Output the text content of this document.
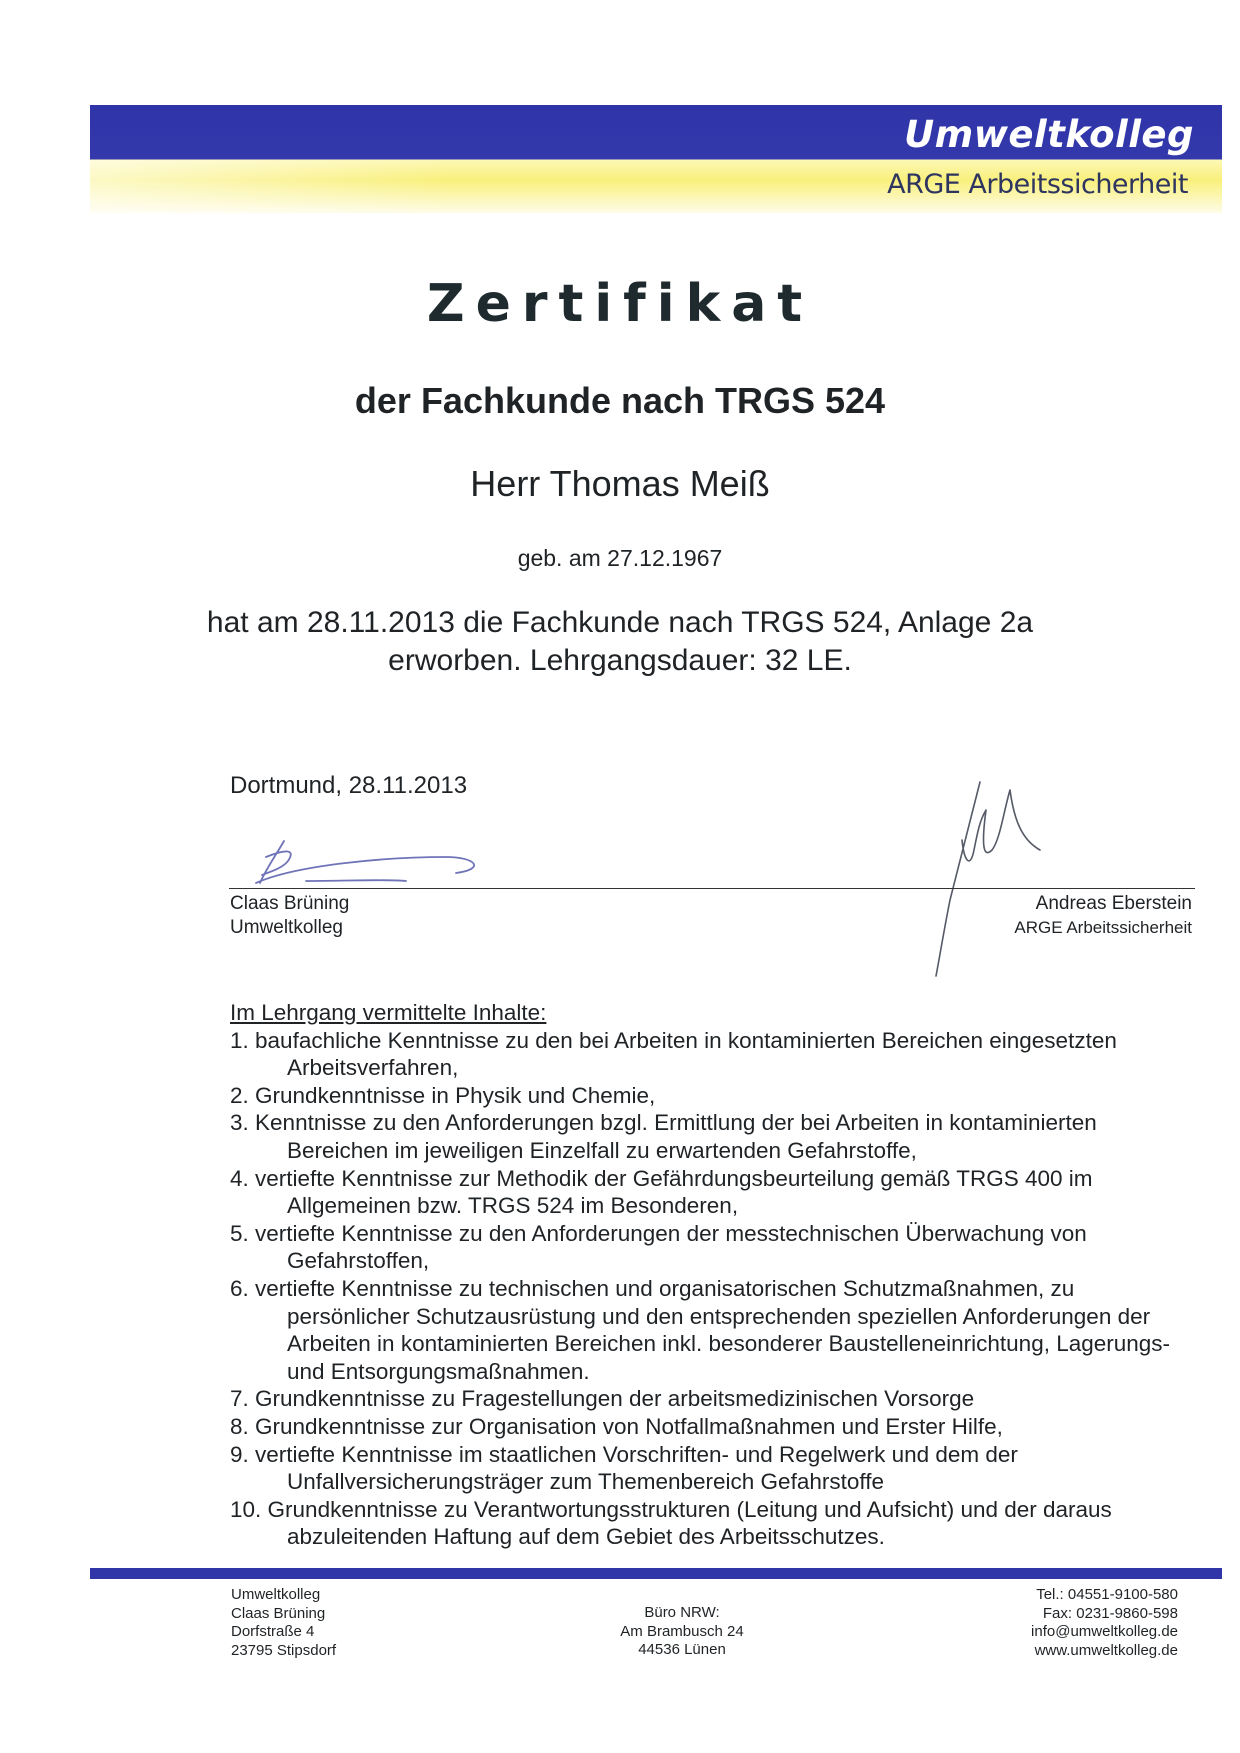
Umweltkolleg
ARGE Arbeitssicherheit
Zertifikat
der Fachkunde nach TRGS 524
Herr Thomas Meiß
geb. am 27.12.1967
hat am 28.11.2013 die Fachkunde nach TRGS 524, Anlage 2a
erworben. Lehrgangsdauer: 32 LE.
Dortmund, 28.11.2013
Claas Brüning
Umweltkolleg
Andreas Eberstein
ARGE Arbeitssicherheit
Im Lehrgang vermittelte Inhalte:
1. baufachliche Kenntnisse zu den bei Arbeiten in kontaminierten Bereichen eingesetzten Arbeitsverfahren,
2. Grundkenntnisse in Physik und Chemie,
3. Kenntnisse zu den Anforderungen bzgl. Ermittlung der bei Arbeiten in kontaminierten Bereichen im jeweiligen Einzelfall zu erwartenden Gefahrstoffe,
4. vertiefte Kenntnisse zur Methodik der Gefährdungsbeurteilung gemäß TRGS 400 im Allgemeinen bzw. TRGS 524 im Besonderen,
5. vertiefte Kenntnisse zu den Anforderungen der messtechnischen Überwachung von Gefahrstoffen,
6. vertiefte Kenntnisse zu technischen und organisatorischen Schutzmaßnahmen, zu persönlicher Schutzausrüstung und den entsprechenden speziellen Anforderungen der Arbeiten in kontaminierten Bereichen inkl. besonderer Baustelleneinrichtung, Lagerungs- und Entsorgungsmaßnahmen.
7. Grundkenntnisse zu Fragestellungen der arbeitsmedizinischen Vorsorge
8. Grundkenntnisse zur Organisation von Notfallmaßnahmen und Erster Hilfe,
9. vertiefte Kenntnisse im staatlichen Vorschriften- und Regelwerk und dem der Unfallversicherungsträger zum Themenbereich Gefahrstoffe
10. Grundkenntnisse zu Verantwortungsstrukturen (Leitung und Aufsicht) und der daraus abzuleitenden Haftung auf dem Gebiet des Arbeitsschutzes.
Umweltkolleg
Claas Brüning
Dorfstraße 4
23795 Stipsdorf
Büro NRW:
Am Brambusch 24
44536 Lünen
Tel.: 04551-9100-580
Fax: 0231-9860-598
info@umweltkolleg.de
www.umweltkolleg.de
